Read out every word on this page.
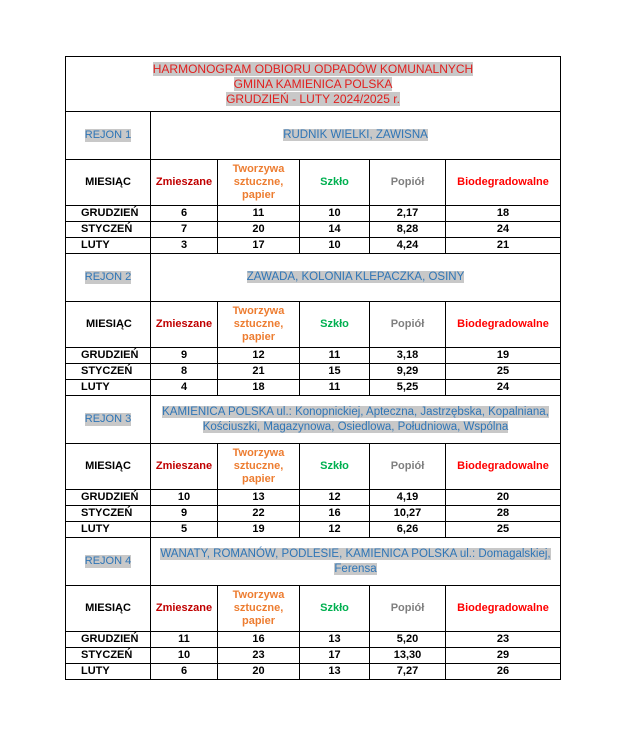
HARMONOGRAM ODBIORU ODPADÓW KOMUNALNYCH
GMINA KAMIENICA POLSKA
GRUDZIEŃ - LUTY 2024/2025 r.					
REJON 1	RUDNIK WIELKI, ZAWISNA				
MIESIĄC	Zmieszane	Tworzywa sztuczne, papier	Szkło	Popiół	Biodegradowalne
GRUDZIEŃ	6	11	10	2,17	18
STYCZEŃ	7	20	14	8,28	24
LUTY	3	17	10	4,24	21
REJON 2	ZAWADA, KOLONIA KLEPACZKA, OSINY				
MIESIĄC	Zmieszane	Tworzywa sztuczne, papier	Szkło	Popiół	Biodegradowalne
GRUDZIEŃ	9	12	11	3,18	19
STYCZEŃ	8	21	15	9,29	25
LUTY	4	18	11	5,25	24
REJON 3	KAMIENICA POLSKA ul.: Konopnickiej, Apteczna, Jastrzębska, Kopalniana, Kościuszki, Magazynowa, Osiedlowa, Południowa, Wspólna				
MIESIĄC	Zmieszane	Tworzywa sztuczne, papier	Szkło	Popiół	Biodegradowalne
GRUDZIEŃ	10	13	12	4,19	20
STYCZEŃ	9	22	16	10,27	28
LUTY	5	19	12	6,26	25
REJON 4	WANATY, ROMANÓW, PODLESIE, KAMIENICA POLSKA ul.: Domagalskiej, Ferensa				
MIESIĄC	Zmieszane	Tworzywa sztuczne, papier	Szkło	Popiół	Biodegradowalne
GRUDZIEŃ	11	16	13	5,20	23
STYCZEŃ	10	23	17	13,30	29
LUTY	6	20	13	7,27	26
